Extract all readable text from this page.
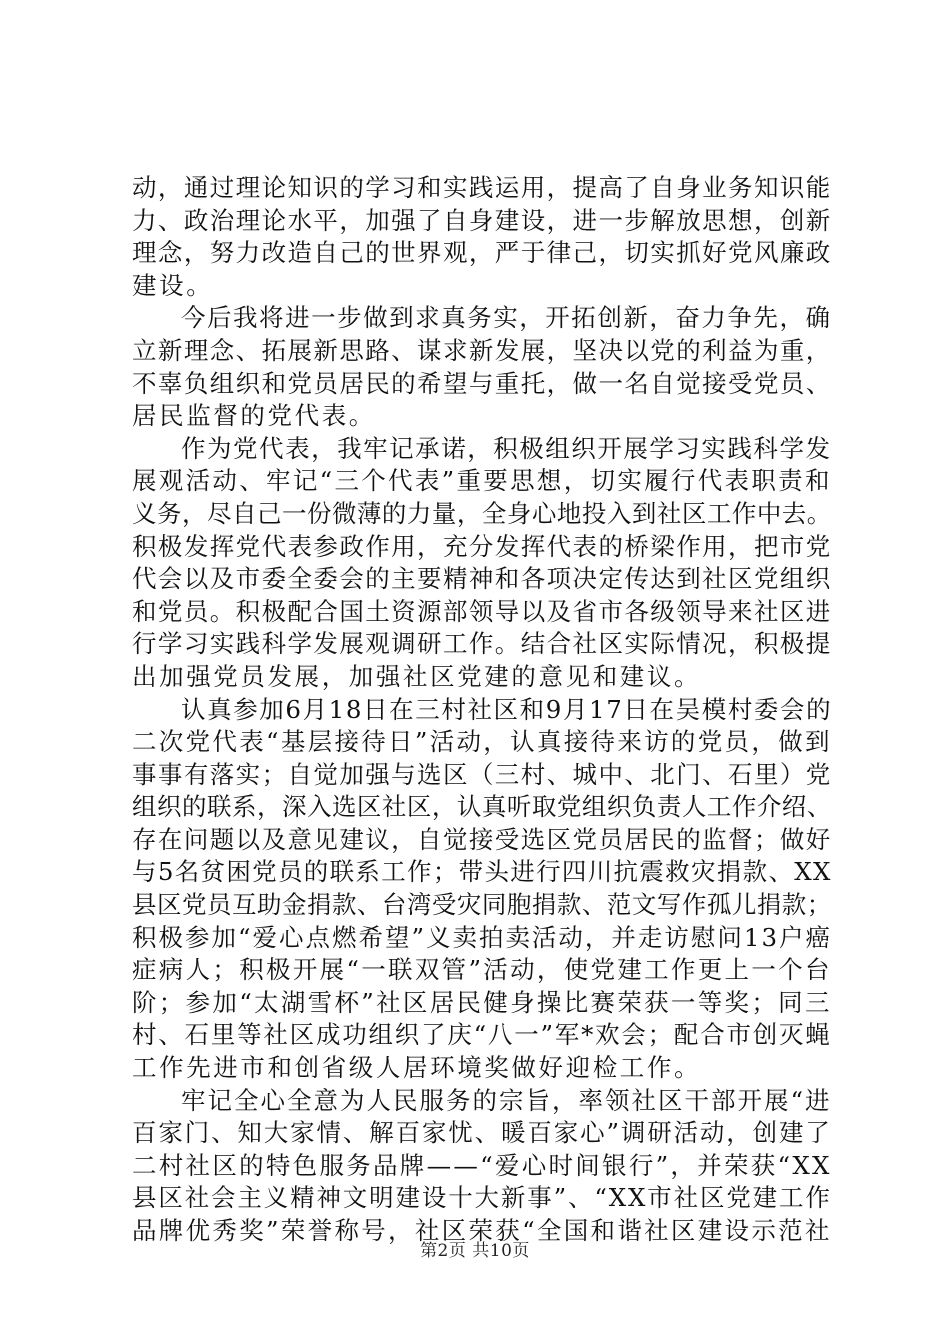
动，通过理论知识的学习和实践运用，提高了自身业务知识能
力、政治理论水平，加强了自身建设，进一步解放思想，创新
理念，努力改造自己的世界观，严于律己，切实抓好党风廉政
建设。
今后我将进一步做到求真务实，开拓创新，奋力争先，确
立新理念、拓展新思路、谋求新发展，坚决以党的利益为重，
不辜负组织和党员居民的希望与重托，做一名自觉接受党员、
居民监督的党代表。
作为党代表，我牢记承诺，积极组织开展学习实践科学发
展观活动、牢记“三个代表”重要思想，切实履行代表职责和
义务，尽自己一份微薄的力量，全身心地投入到社区工作中去。
积极发挥党代表参政作用，充分发挥代表的桥梁作用，把市党
代会以及市委全委会的主要精神和各项决定传达到社区党组织
和党员。积极配合国土资源部领导以及省市各级领导来社区进
行学习实践科学发展观调研工作。结合社区实际情况，积极提
出加强党员发展，加强社区党建的意见和建议。
认真参加6月18日在三村社区和9月17日在吴模村委会的
二次党代表“基层接待日”活动，认真接待来访的党员，做到
事事有落实；自觉加强与选区（三村、城中、北门、石里）党
组织的联系，深入选区社区，认真听取党组织负责人工作介绍、
存在问题以及意见建议，自觉接受选区党员居民的监督；做好
与5名贫困党员的联系工作；带头进行四川抗震救灾捐款、XX
县区党员互助金捐款、台湾受灾同胞捐款、范文写作孤儿捐款；
积极参加“爱心点燃希望”义卖拍卖活动，并走访慰问13户癌
症病人；积极开展“一联双管”活动，使党建工作更上一个台
阶；参加“太湖雪杯”社区居民健身操比赛荣获一等奖；同三
村、石里等社区成功组织了庆“八一”军*欢会；配合市创灭蝇
工作先进市和创省级人居环境奖做好迎检工作。
牢记全心全意为人民服务的宗旨，率领社区干部开展“进
百家门、知大家情、解百家忧、暖百家心”调研活动，创建了
二村社区的特色服务品牌——“爱心时间银行”，并荣获“XX
县区社会主义精神文明建设十大新事”、“XX市社区党建工作
品牌优秀奖”荣誉称号，社区荣获“全国和谐社区建设示范社
第2页 共10页
